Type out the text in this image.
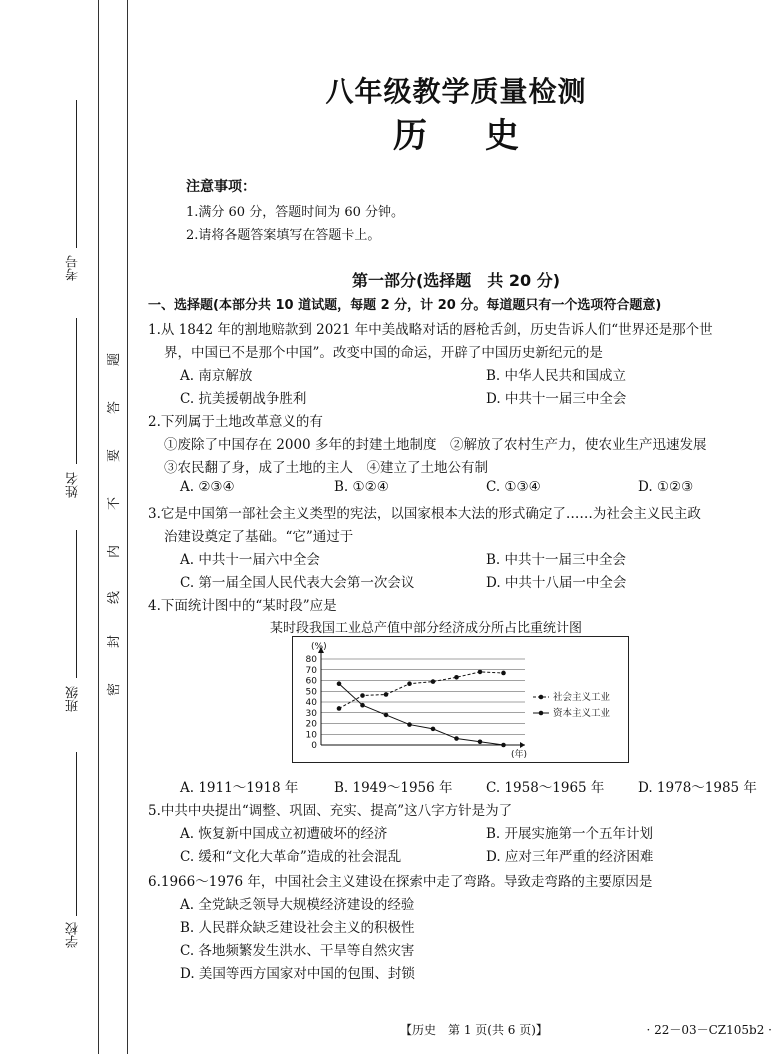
考号
姓名
班级
学校
密
封
线
内
不
要
答
题
八年级教学质量检测
历史
注意事项：
1.满分 60 分，答题时间为 60 分钟。
2.请将各题答案填写在答题卡上。
第一部分(选择题　共 20 分)
一、选择题(本部分共 10 道试题，每题 2 分，计 20 分。每道题只有一个选项符合题意)
1.从 1842 年的割地赔款到 2021 年中美战略对话的唇枪舌剑，历史告诉人们“世界还是那个世
界，中国已不是那个中国”。改变中国的命运，开辟了中国历史新纪元的是
A. 南京解放	B. 中华人民共和国成立
C. 抗美援朝战争胜利	D. 中共十一届三中全会
2.下列属于土地改革意义的有
①废除了中国存在 2000 多年的封建土地制度　②解放了农村生产力，使农业生产迅速发展
③农民翻了身，成了土地的主人　④建立了土地公有制
A. ②③④	B. ①②④	C. ①③④	D. ①②③
3.它是中国第一部社会主义类型的宪法，以国家根本大法的形式确定了……为社会主义民主政
治建设奠定了基础。“它”通过于
A. 中共十一届六中全会	B. 中共十一届三中全会
C. 第一届全国人民代表大会第一次会议	D. 中共十八届一中全会
4.下面统计图中的“某时段”应是
某时段我国工业总产值中部分经济成分所占比重统计图
0
10
20
30
40
50
60
70
80
(%)
(年)
社会主义工业
资本主义工业
A. 1911～1918 年	B. 1949～1956 年 C. 1958～1965 年 D. 1978～1985 年
5.中共中央提出“调整、巩固、充实、提高”这八字方针是为了
A. 恢复新中国成立初遭破坏的经济	B. 开展实施第一个五年计划
C. 缓和“文化大革命”造成的社会混乱	D. 应对三年严重的经济困难
6.1966～1976 年，中国社会主义建设在探索中走了弯路。导致走弯路的主要原因是
A. 全党缺乏领导大规模经济建设的经验
B. 人民群众缺乏建设社会主义的积极性
C. 各地频繁发生洪水、干旱等自然灾害
D. 美国等西方国家对中国的包围、封锁
【历史　第 1 页(共 6 页)】	· 22－03－CZ105b2 ·
